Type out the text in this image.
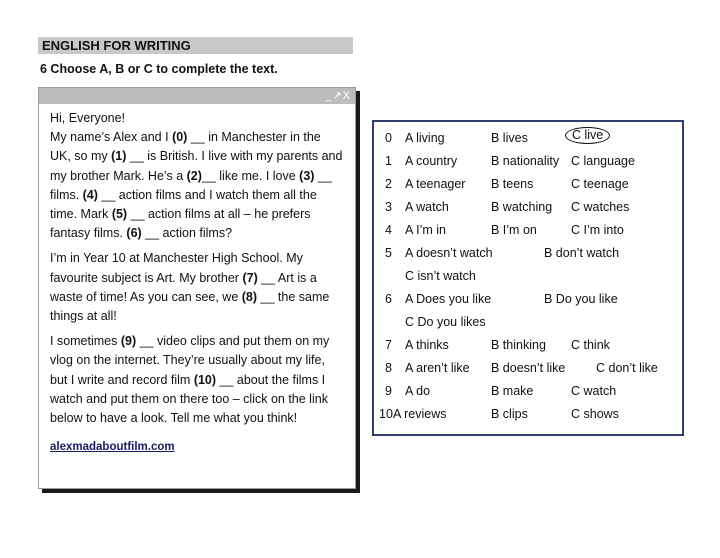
ENGLISH FOR WRITING
6 Choose A, B or C to complete the text.
_↗X

Hi, Everyone!

My name’s Alex and I (0) __ in Manchester in the UK, so my (1) __ is British. I live with my parents and my brother Mark. He’s a (2)__ like me. I love (3) __ films. (4) __ action films and I watch them all the time. Mark (5) __ action films at all – he prefers fantasy films. (6) __ action films?

I’m in Year 10 at Manchester High School. My favourite subject is Art. My brother (7) __ Art is a waste of time! As you can see, we (8) __ the same things at all!

I sometimes (9) __ video clips and put them on my vlog on the internet. They’re usually about my life, but I write and record film (10) __ about the films I watch and put them on there too – click on the link below to have a look. Tell me what you think!

alexmadaboutfilm.com
0 A living	B lives	C live
1 A country	B nationality C language
2 A teenager B teens	C teenage
3 A watch	B watching C watches
4 A I’m in	B I’m on	C I’m into
5 A doesn’t watch	B don’t watch
C isn’t watch
6 A Does you like	B Do you like
C Do you likes
7 A thinks	B thinking C think
8 A aren’t like B doesn’t like C don’t like
9 A do	B make	C watch
10 A reviews	B clips	C shows
